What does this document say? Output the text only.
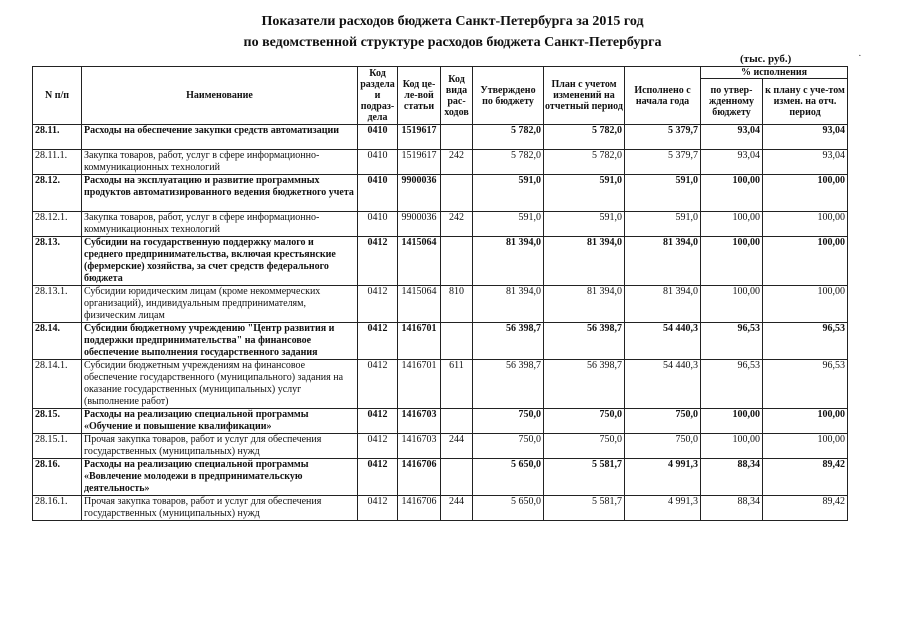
Показатели расходов бюджета Санкт-Петербурга за 2015 год
по ведомственной структуре расходов бюджета Санкт-Петербурга
(тыс. руб.)
N п/п	Наименование	Код раздела и подраз-дела	Код це-ле-вой статьи	Код вида рас-ходов	Утверждено по бюджету	План с учетом изменений на отчетный период	Исполнено с начала года	% исполнения	
								по утвер-жденному бюджету	к плану с уче-том измен. на отч. период
28.11.	Расходы на обеспечение закупки средств автоматизации	0410	1519617		5 782,0	5 782,0	5 379,7	93,04	93,04
28.11.1.	Закупка товаров, работ, услуг в сфере информационно-коммуникационных технологий	0410	1519617	242	5 782,0	5 782,0	5 379,7	93,04	93,04
28.12.	Расходы на эксплуатацию и развитие программных продуктов автоматизированного ведения бюджетного учета	0410	9900036		591,0	591,0	591,0	100,00	100,00
28.12.1.	Закупка товаров, работ, услуг в сфере информационно-коммуникационных технологий	0410	9900036	242	591,0	591,0	591,0	100,00	100,00
28.13.	Субсидии на государственную поддержку малого и среднего предпринимательства, включая крестьянские (фермерские) хозяйства, за счет средств федерального бюджета	0412	1415064		81 394,0	81 394,0	81 394,0	100,00	100,00
28.13.1.	Субсидии юридическим лицам (кроме некоммерческих организаций), индивидуальным предпринимателям, физическим лицам	0412	1415064	810	81 394,0	81 394,0	81 394,0	100,00	100,00
28.14.	Субсидии бюджетному учреждению "Центр развития и поддержки предпринимательства" на финансовое обеспечение выполнения государственного задания	0412	1416701		56 398,7	56 398,7	54 440,3	96,53	96,53
28.14.1.	Субсидии бюджетным учреждениям на финансовое обеспечение государственного (муниципального) задания на оказание государственных (муниципальных) услуг (выполнение работ)	0412	1416701	611	56 398,7	56 398,7	54 440,3	96,53	96,53
28.15.	Расходы на реализацию специальной программы «Обучение и повышение квалификации»	0412	1416703		750,0	750,0	750,0	100,00	100,00
28.15.1.	Прочая закупка товаров, работ и услуг для обеспечения государственных (муниципальных) нужд	0412	1416703	244	750,0	750,0	750,0	100,00	100,00
28.16.	Расходы на реализацию специальной программы «Вовлечение молодежи в предпринимательскую деятельность»	0412	1416706		5 650,0	5 581,7	4 991,3	88,34	89,42
28.16.1.	Прочая закупка товаров, работ и услуг для обеспечения государственных (муниципальных) нужд	0412	1416706	244	5 650,0	5 581,7	4 991,3	88,34	89,42
·
